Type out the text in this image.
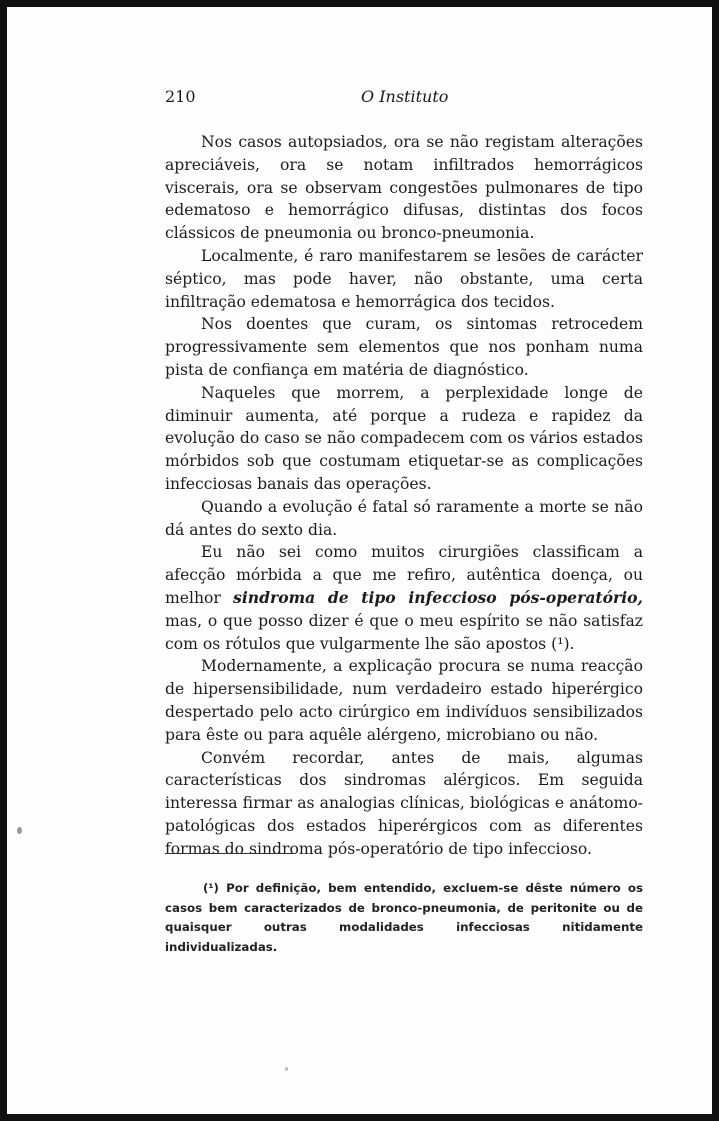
210	O Instituto

Nos casos autopsiados, ora se não registam alterações apreciáveis, ora se notam infiltrados hemorrágicos viscerais, ora se observam congestões pulmonares de tipo edematoso e hemorrágico difusas, distintas dos focos clássicos de pneumonia ou bronco-pneumonia.

Localmente, é raro manifestarem se lesões de carácter séptico, mas pode haver, não obstante, uma certa infiltração edematosa e hemorrágica dos tecidos.

Nos doentes que curam, os sintomas retrocedem progressivamente sem elementos que nos ponham numa pista de confiança em matéria de diagnóstico.

Naqueles que morrem, a perplexidade longe de diminuir aumenta, até porque a rudeza e rapidez da evolução do caso se não compadecem com os vários estados mórbidos sob que costumam etiquetar-se as complicações infecciosas banais das operações.

Quando a evolução é fatal só raramente a morte se não dá antes do sexto dia.

Eu não sei como muitos cirurgiões classificam a afecção mórbida a que me refiro, autêntica doença, ou melhor sindroma de tipo infeccioso pós-operatório, mas, o que posso dizer é que o meu espírito se não satisfaz com os rótulos que vulgarmente lhe são apostos (¹).

Modernamente, a explicação procura se numa reacção de hipersensibilidade, num verdadeiro estado hiperérgico despertado pelo acto cirúrgico em indivíduos sensibilizados para êste ou para aquêle alérgeno, microbiano ou não.

Convém recordar, antes de mais, algumas características dos sindromas alérgicos. Em seguida interessa firmar as analogias clínicas, biológicas e anátomo-patológicas dos estados hiperérgicos com as diferentes formas do sindroma pós-operatório de tipo infeccioso.

(¹) Por definição, bem entendido, excluem-se dêste número os casos bem caracterizados de bronco-pneumonia, de peritonite ou de quaisquer outras modalidades infecciosas nitidamente individualizadas.
